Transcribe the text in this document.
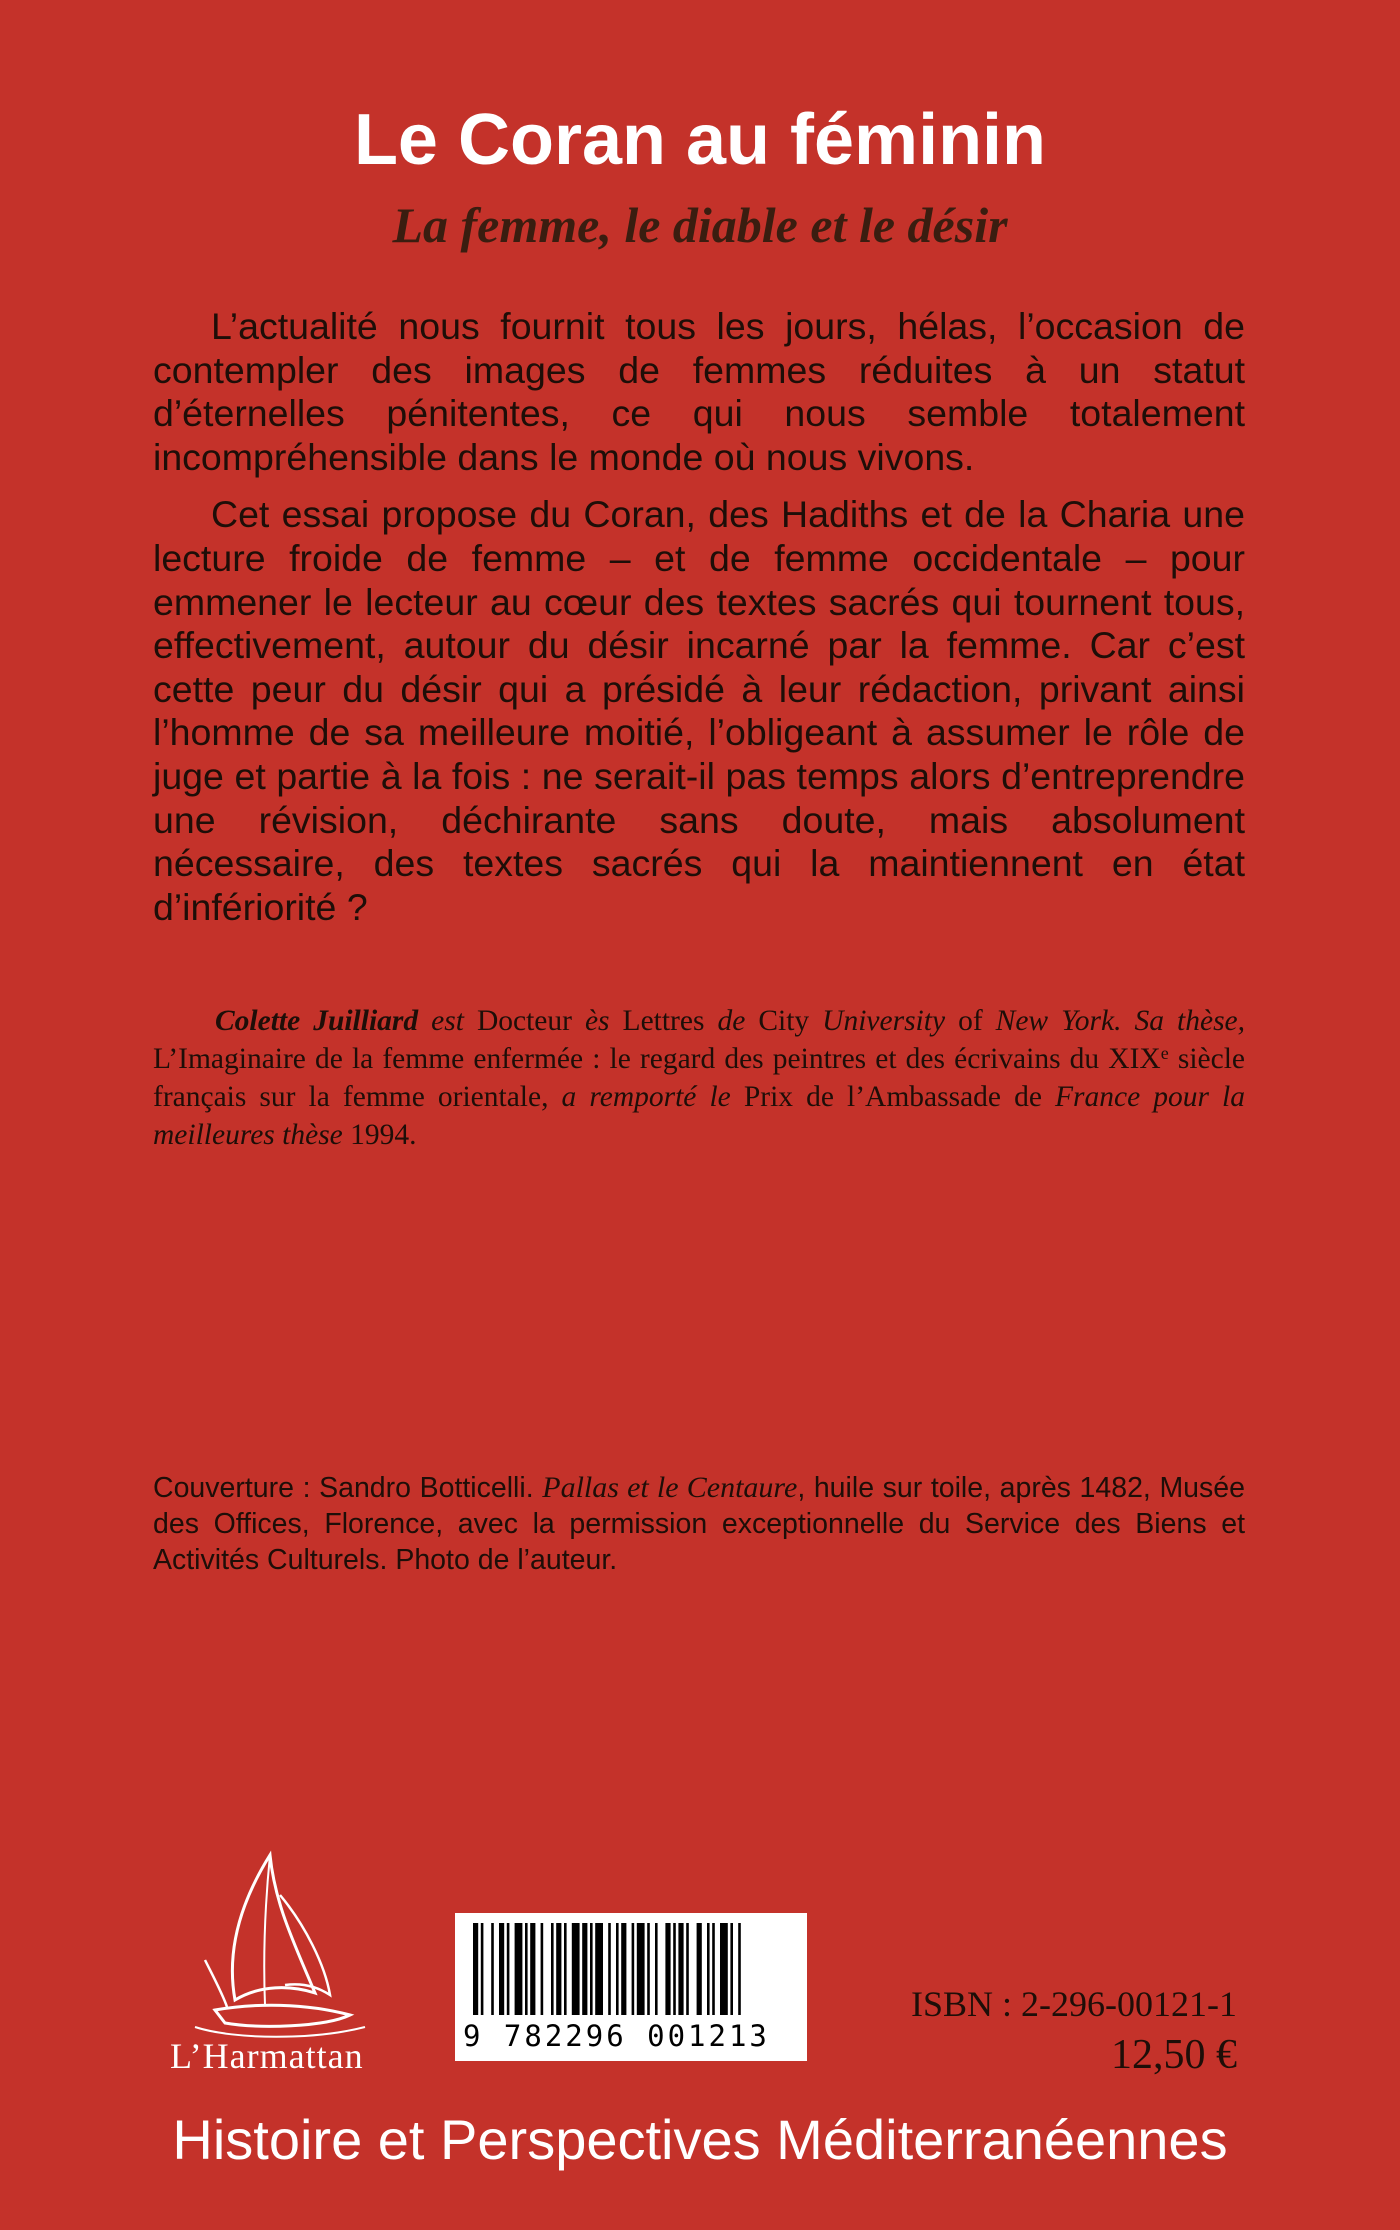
Le Coran au féminin
La femme, le diable et le désir

L’actualité nous fournit tous les jours, hélas, l’occasion de contempler des images de femmes réduites à un statut d’éternelles pénitentes, ce qui nous semble totalement incompréhensible dans le monde où nous vivons.

Cet essai propose du Coran, des Hadiths et de la Charia une lecture froide de femme – et de femme occidentale – pour emmener le lecteur au cœur des textes sacrés qui tournent tous, effectivement, autour du désir incarné par la femme. Car c’est cette peur du désir qui a présidé à leur rédaction, privant ainsi l’homme de sa meilleure moitié, l’obligeant à assumer le rôle de juge et partie à la fois : ne serait-il pas temps alors d’entreprendre une révision, déchirante sans doute, mais absolument nécessaire, des textes sacrés qui la maintiennent en état d’infériorité ?

Colette Juilliard est Docteur ès Lettres de City University of New York. Sa thèse, L’Imaginaire de la femme enfermée : le regard des peintres et des écrivains du XIXe siècle français sur la femme orientale, a remporté le Prix de l’Ambassade de France pour la meilleures thèse 1994.

Couverture : Sandro Botticelli. Pallas et le Centaure, huile sur toile, après 1482, Musée des Offices, Florence, avec la permission exceptionnelle du Service des Biens et Activités Culturels. Photo de l’auteur.

L’Harmattan	9 782296 001213

ISBN : 2-296-00121-1

12,50 €

Histoire et Perspectives Méditerranéennes
